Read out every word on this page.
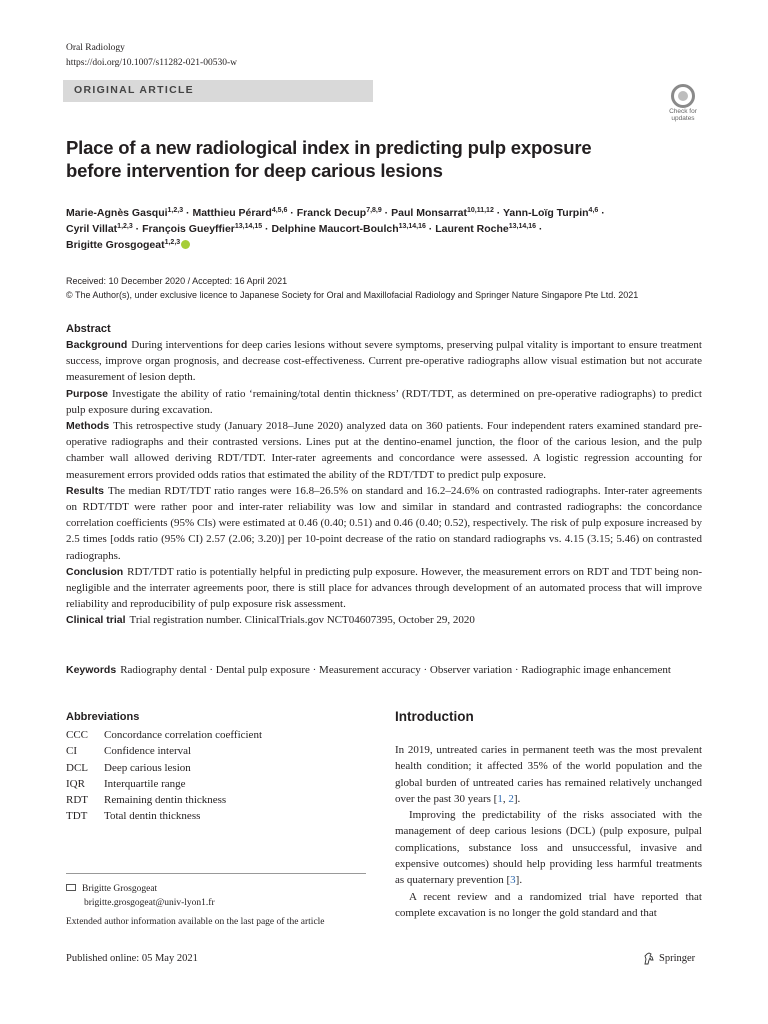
Oral Radiology
https://doi.org/10.1007/s11282-021-00530-w
ORIGINAL ARTICLE
Check for
updates
Place of a new radiological index in predicting pulp exposure
before intervention for deep carious lesions
Marie-Agnès Gasqui$^{1,2,3}$ · Matthieu Pérard$^{4,5,6}$ · Franck Decup$^{7,8,9}$ · Paul Monsarrat$^{10,11,12}$ · Yann-Loïg Turpin$^{4,6}$ ·
Cyril Villat$^{1,2,3}$ · François Gueyffier$^{13,14,15}$ · Delphine Maucort-Boulch$^{13,14,16}$ · Laurent Roche$^{13,14,16}$ ·
Brigitte Grosgogeat$^{1,2,3}$
Received: 10 December 2020 / Accepted: 16 April 2021
© The Author(s), under exclusive licence to Japanese Society for Oral and Maxillofacial Radiology and Springer Nature Singapore Pte Ltd. 2021
Abstract

Background During interventions for deep caries lesions without severe symptoms, preserving pulpal vitality is important to ensure treatment success, improve organ prognosis, and decrease cost-effectiveness. Current pre-operative radiographs allow visual estimation but not accurate measurement of lesion depth.

Purpose Investigate the ability of ratio ‘remaining/total dentin thickness’ (RDT/TDT, as determined on pre-operative radiographs) to predict pulp exposure during excavation.

Methods This retrospective study (January 2018–June 2020) analyzed data on 360 patients. Four independent raters examined standard pre-operative radiographs and their contrasted versions. Lines put at the dentino-enamel junction, the floor of the carious lesion, and the pulp chamber wall allowed deriving RDT/TDT. Inter-rater agreements and concordance were assessed. A logistic regression accounting for measurement errors provided odds ratios that estimated the ability of the RDT/TDT to predict pulp exposure.

Results The median RDT/TDT ratio ranges were 16.8–26.5% on standard and 16.2–24.6% on contrasted radiographs. Inter-rater agreements on RDT/TDT were rather poor and inter-rater reliability was low and similar in standard and contrasted radiographs: the concordance correlation coefficients (95% CIs) were estimated at 0.46 (0.40; 0.51) and 0.46 (0.40; 0.52), respectively. The risk of pulp exposure increased by 2.5 times [odds ratio (95% CI) 2.57 (2.06; 3.20)] per 10-point decrease of the ratio on standard radiographs vs. 4.15 (3.15; 5.46) on contrasted radiographs.

Conclusion RDT/TDT ratio is potentially helpful in predicting pulp exposure. However, the measurement errors on RDT and TDT being non-negligible and the interrater agreements poor, there is still place for advances through development of an automated process that will improve reliability and reproducibility of pulp exposure risk assessment.

Clinical trial Trial registration number. ClinicalTrials.gov NCT04607395, October 29, 2020

Keywords Radiography dental · Dental pulp exposure · Measurement accuracy · Observer variation · Radiographic image enhancement
Abbreviations
CCC	Concordance correlation coefficient
CI	Confidence interval
DCL	Deep carious lesion
IQR	Interquartile range
RDT	Remaining dentin thickness
TDT	Total dentin thickness
Introduction

In 2019, untreated caries in permanent teeth was the most prevalent health condition; it affected 35% of the world population and the global burden of untreated caries has remained relatively unchanged over the past 30 years [1, 2].

Improving the predictability of the risks associated with the management of deep carious lesions (DCL) (pulp exposure, pulpal complications, substance loss and unsuccessful, invasive and expensive outcomes) should help providing less harmful treatments as quaternary prevention [3].

A recent review and a randomized trial have reported that complete excavation is no longer the gold standard and that

Brigitte Grosgogeat
brigitte.grosgogeat@univ-lyon1.fr
Extended author information available on the last page of the article
Published online: 05 May 2021	Springer
